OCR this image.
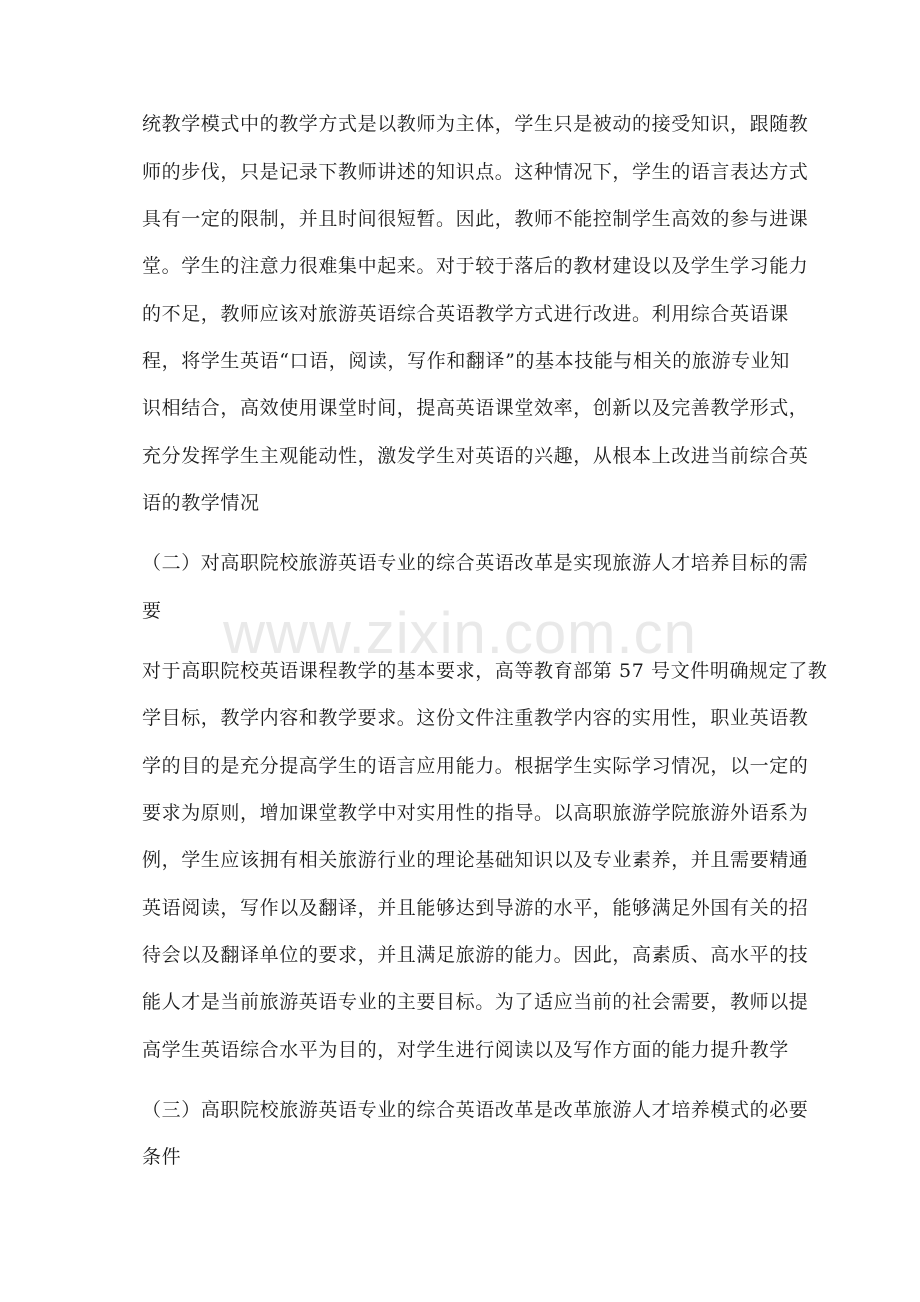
www.zixin.com.cn
统教学模式中的教学方式是以教师为主体，学生只是被动的接受知识，跟随教
师的步伐，只是记录下教师讲述的知识点。这种情况下，学生的语言表达方式
具有一定的限制，并且时间很短暂。因此，教师不能控制学生高效的参与进课
堂。学生的注意力很难集中起来。对于较于落后的教材建设以及学生学习能力
的不足，教师应该对旅游英语综合英语教学方式进行改进。利用综合英语课
程，将学生英语“口语，阅读，写作和翻译”的基本技能与相关的旅游专业知
识相结合，高效使用课堂时间，提高英语课堂效率，创新以及完善教学形式，
充分发挥学生主观能动性，激发学生对英语的兴趣，从根本上改进当前综合英
语的教学情况
（二）对高职院校旅游英语专业的综合英语改革是实现旅游人才培养目标的需
要
对于高职院校英语课程教学的基本要求，高等教育部第 57 号文件明确规定了教
学目标，教学内容和教学要求。这份文件注重教学内容的实用性，职业英语教
学的目的是充分提高学生的语言应用能力。根据学生实际学习情况，以一定的
要求为原则，增加课堂教学中对实用性的指导。以高职旅游学院旅游外语系为
例，学生应该拥有相关旅游行业的理论基础知识以及专业素养，并且需要精通
英语阅读，写作以及翻译，并且能够达到导游的水平，能够满足外国有关的招
待会以及翻译单位的要求，并且满足旅游的能力。因此，高素质、高水平的技
能人才是当前旅游英语专业的主要目标。为了适应当前的社会需要，教师以提
高学生英语综合水平为目的，对学生进行阅读以及写作方面的能力提升教学
（三）高职院校旅游英语专业的综合英语改革是改革旅游人才培养模式的必要
条件
